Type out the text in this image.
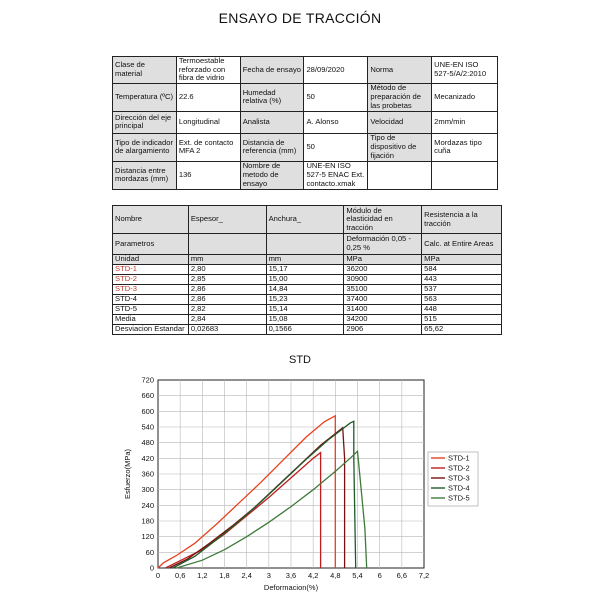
ENSAYO DE TRACCIÓN
Clase de material	Termoestable reforzado con fibra de vidrio	Fecha de ensayo	28/09/2020	Norma	UNE-EN ISO 527-5/A/2:2010
Temperatura (ºC)	22.6	Humedad relativa (%)	50	Método de preparación de las probetas	Mecanizado
Dirección del eje principal	Longitudinal	Analista	A. Alonso	Velocidad	2mm/min
Tipo de indicador de alargamiento	Ext. de contacto MFA 2	Distancia de referencia (mm)	50	Tipo de dispositivo de fijación	Mordazas tipo cuña
Distancia entre mordazas (mm)	136	Nombre de metodo de ensayo	UNE-EN ISO 527-5 ENAC Ext. contacto.xmak		
Nombre	Espesor_	Anchura_	Módulo de elasticidad en tracción	Resistencia a la tracción
Parametros			Deformación 0,05 - 0,25 %	Calc. at Entire Areas
Unidad	mm	mm	MPa	MPa
STD-1	2,80	15,17	36200	584
STD-2	2,85	15,00	30900	443
STD-3	2,86	14,84	35100	537
STD-4	2,86	15,23	37400	563
STD-5	2,82	15,14	31400	448
Media	2,84	15,08	34200	515
Desviacion Estandar	0,02683	0,1566	2906	65,62
STD
0 0,6 1,2 1,8 2,4 3 3,6 4,2 4,8 5,4 6 6,6 7,2
0
60
120
180
240
300
360
420
480
540
600
660
720
Deformacion(%)
Esfuerzo(MPa)	STD-1
STD-2
STD-3
STD-4
STD-5
